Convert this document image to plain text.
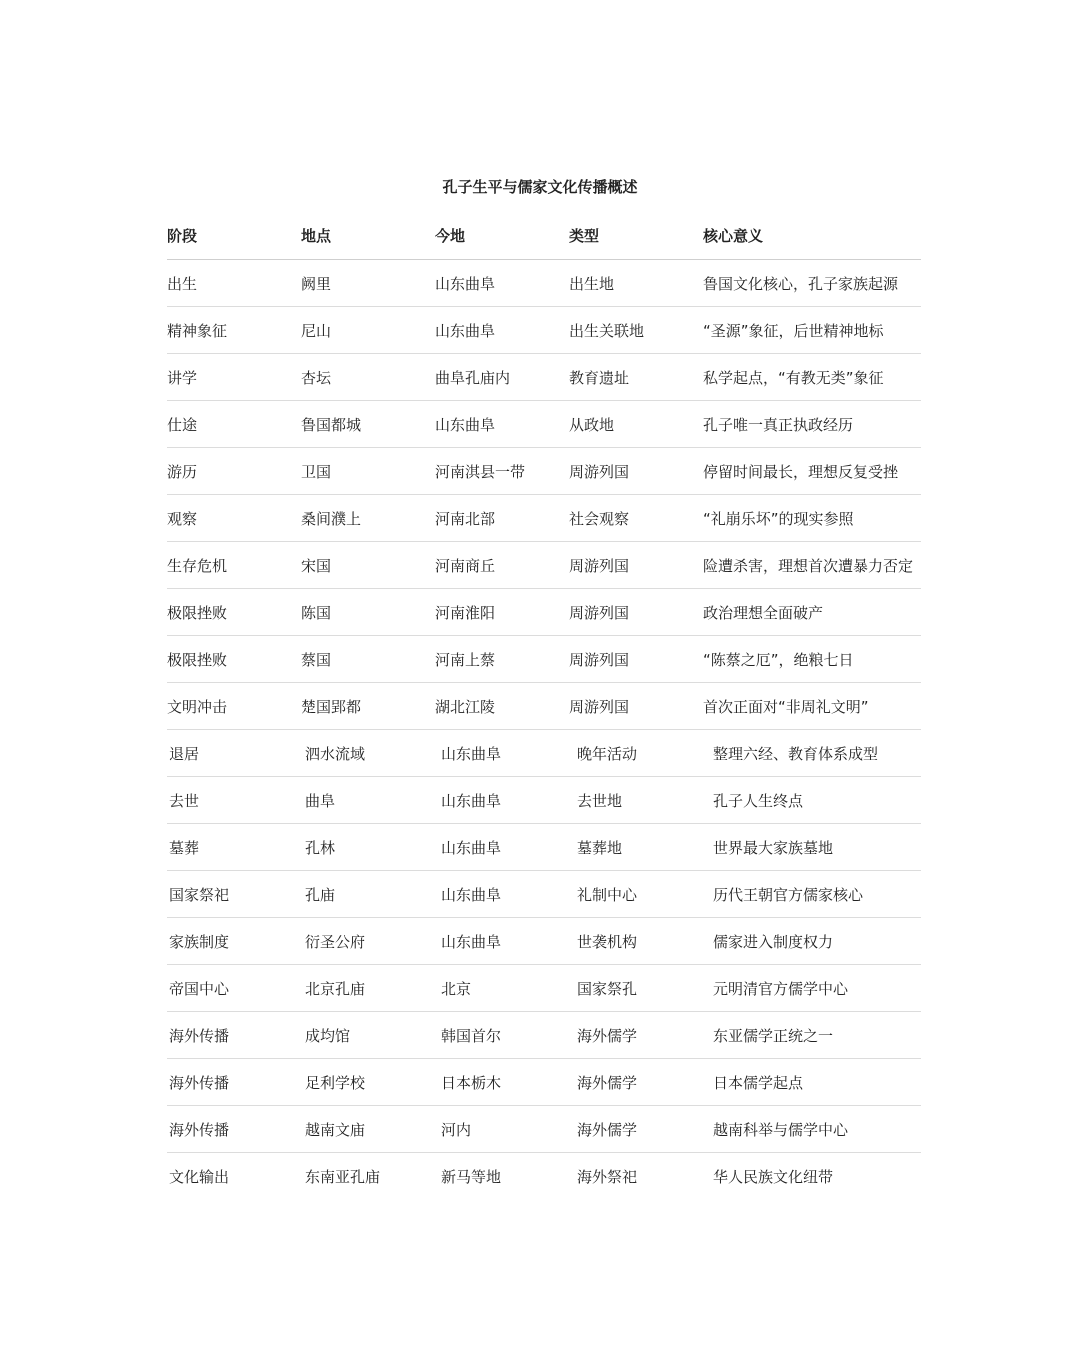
孔子生平与儒家文化传播概述
阶段	地点	今地	类型	核心意义
出生	阙里	山东曲阜	出生地	鲁国文化核心，孔子家族起源
精神象征	尼山	山东曲阜	出生关联地	“圣源”象征，后世精神地标
讲学	杏坛	曲阜孔庙内	教育遗址	私学起点，“有教无类”象征
仕途	鲁国都城	山东曲阜	从政地	孔子唯一真正执政经历
游历	卫国	河南淇县一带	周游列国	停留时间最长，理想反复受挫
观察	桑间濮上	河南北部	社会观察	“礼崩乐坏”的现实参照
生存危机	宋国	河南商丘	周游列国	险遭杀害，理想首次遭暴力否定
极限挫败	陈国	河南淮阳	周游列国	政治理想全面破产
极限挫败	蔡国	河南上蔡	周游列国	“陈蔡之厄”，绝粮七日
文明冲击	楚国郢都	湖北江陵	周游列国	首次正面对“非周礼文明”
退居	泗水流域	山东曲阜	晚年活动	整理六经、教育体系成型
去世	曲阜	山东曲阜	去世地	孔子人生终点
墓葬	孔林	山东曲阜	墓葬地	世界最大家族墓地
国家祭祀	孔庙	山东曲阜	礼制中心	历代王朝官方儒家核心
家族制度	衍圣公府	山东曲阜	世袭机构	儒家进入制度权力
帝国中心	北京孔庙	北京	国家祭孔	元明清官方儒学中心
海外传播	成均馆	韩国首尔	海外儒学	东亚儒学正统之一
海外传播	足利学校	日本栃木	海外儒学	日本儒学起点
海外传播	越南文庙	河内	海外儒学	越南科举与儒学中心
文化输出	东南亚孔庙	新马等地	海外祭祀	华人民族文化纽带
